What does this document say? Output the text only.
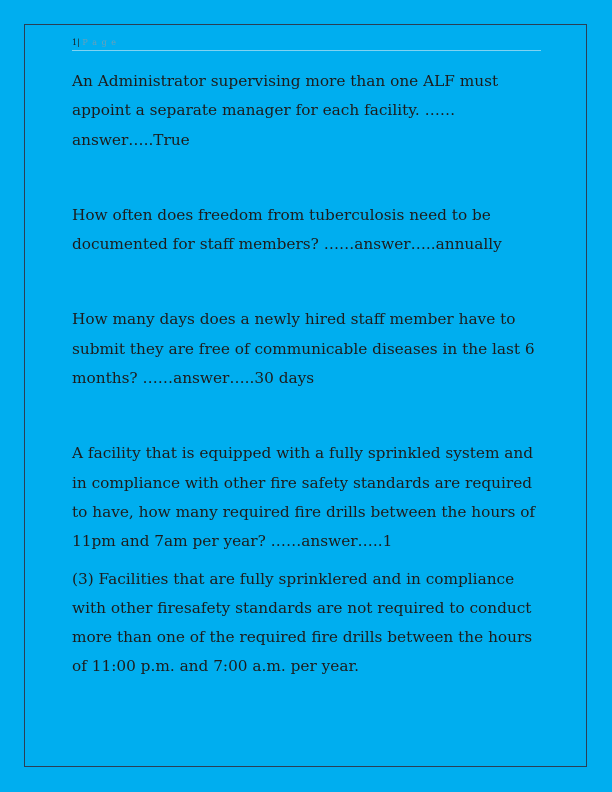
1| P a g e

An Administrator supervising more than one ALF must appoint a separate manager for each facility. ……answer…..True

How often does freedom from tuberculosis need to be documented for staff members? ……answer…..annually

How many days does a newly hired staff member have to submit they are free of communicable diseases in the last 6 months? ……answer…..30 days

A facility that is equipped with a fully sprinkled system and in compliance with other fire safety standards are required to have, how many required fire drills between the hours of 11pm and 7am per year? ……answer…..1

(3) Facilities that are fully sprinklered and in compliance with other firesafety standards are not required to conduct more than one of the required fire drills between the hours of 11:00 p.m. and 7:00 a.m. per year.
